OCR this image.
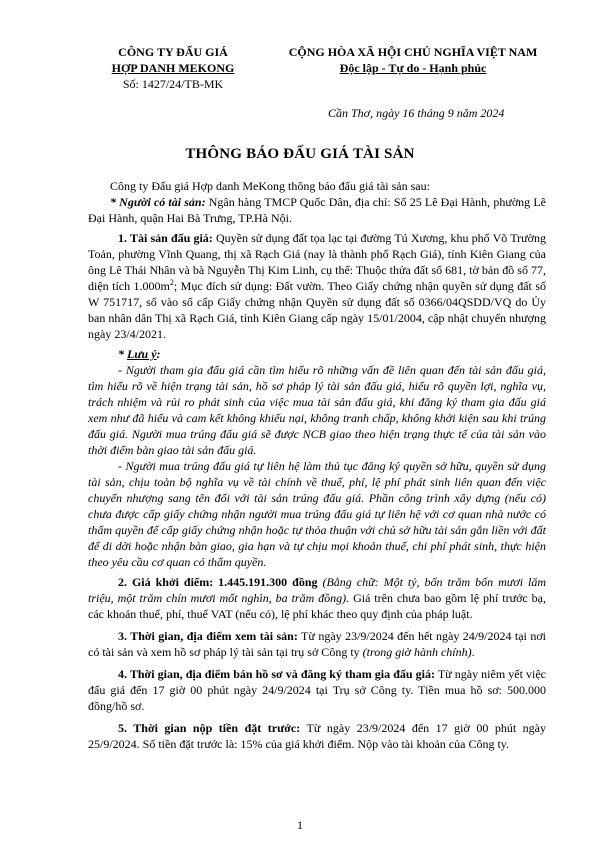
CÔNG TY ĐẤU GIÁ
HỢP DANH MEKONG
Số: 1427/24/TB-MK
CỘNG HÒA XÃ HỘI CHỦ NGHĨA VIỆT NAM
Độc lập - Tự do - Hạnh phúc
Cần Thơ, ngày 16 tháng 9 năm 2024
THÔNG BÁO ĐẤU GIÁ TÀI SẢN

Công ty Đấu giá Hợp danh MeKong thông báo đấu giá tài sản sau:

* Người có tài sản: Ngân hàng TMCP Quốc Dân, địa chỉ: Số 25 Lê Đại Hành, phường Lê Đại Hành, quận Hai Bà Trưng, TP.Hà Nội.

1. Tài sản đấu giá: Quyền sử dụng đất tọa lạc tại đường Tú Xương, khu phố Võ Trường Toản, phường Vĩnh Quang, thị xã Rạch Giá (nay là thành phố Rạch Giá), tỉnh Kiên Giang của ông Lê Thái Nhân và bà Nguyễn Thị Kim Linh, cụ thể: Thuộc thửa đất số 681, tờ bản đồ số 77, diện tích $1.000m^2$; Mục đích sử dụng: Đất vườn. Theo Giấy chứng nhận quyền sử dụng đất số W 751717, số vào sổ cấp Giấy chứng nhận Quyền sử dụng đất số 0366/04QSDD/VQ do Ủy ban nhân dân Thị xã Rạch Giá, tỉnh Kiên Giang cấp ngày 15/01/2004, cập nhật chuyển nhượng ngày 23/4/2021.

* Lưu ý:

- Người tham gia đấu giá cần tìm hiểu rõ những vấn đề liên quan đến tài sản đấu giá, tìm hiểu rõ về hiện trạng tài sản, hồ sơ pháp lý tài sản đấu giá, hiểu rõ quyền lợi, nghĩa vụ, trách nhiệm và rủi ro phát sinh của việc mua tài sản đấu giá, khi đăng ký tham gia đấu giá xem như đã hiểu và cam kết không khiếu nại, không tranh chấp, không khởi kiện sau khi trúng đấu giá. Người mua trúng đấu giá sẽ được NCB giao theo hiện trạng thực tế của tài sản vào thời điểm bàn giao tài sản đấu giá.

- Người mua trúng đấu giá tự liên hệ làm thủ tục đăng ký quyền sở hữu, quyền sử dụng tài sản, chịu toàn bộ nghĩa vụ về tài chính về thuế, phí, lệ phí phát sinh liên quan đến việc chuyển nhượng sang tên đối với tài sản trúng đấu giá. Phần công trình xây dựng (nếu có) chưa được cấp giấy chứng nhận người mua trúng đấu giá tự liên hệ với cơ quan nhà nước có thẩm quyền để cấp giấy chứng nhận hoặc tự thỏa thuận với chủ sở hữu tài sản gắn liền với đất để di dời hoặc nhận bàn giao, gia hạn và tự chịu mọi khoản thuế, chi phí phát sinh, thực hiện theo yêu cầu cơ quan có thẩm quyền.

2. Giá khởi điểm: 1.445.191.300 đồng (Bằng chữ: Một tỷ, bốn trăm bốn mươi lăm triệu, một trăm chín mươi mốt nghìn, ba trăm đồng). Giá trên chưa bao gồm lệ phí trước bạ, các khoản thuế, phí, thuế VAT (nếu có), lệ phí khác theo quy định của pháp luật.

3. Thời gian, địa điểm xem tài sản: Từ ngày 23/9/2024 đến hết ngày 24/9/2024 tại nơi có tài sản và xem hồ sơ pháp lý tài sản tại trụ sở Công ty (trong giờ hành chính).

4. Thời gian, địa điểm bán hồ sơ và đăng ký tham gia đấu giá: Từ ngày niêm yết việc đấu giá đến 17 giờ 00 phút ngày 24/9/2024 tại Trụ sở Công ty. Tiền mua hồ sơ: 500.000 đồng/hồ sơ.

5. Thời gian nộp tiền đặt trước: Từ ngày 23/9/2024 đến 17 giờ 00 phút ngày 25/9/2024. Số tiền đặt trước là: 15% của giá khởi điểm. Nộp vào tài khoản của Công ty.

1
